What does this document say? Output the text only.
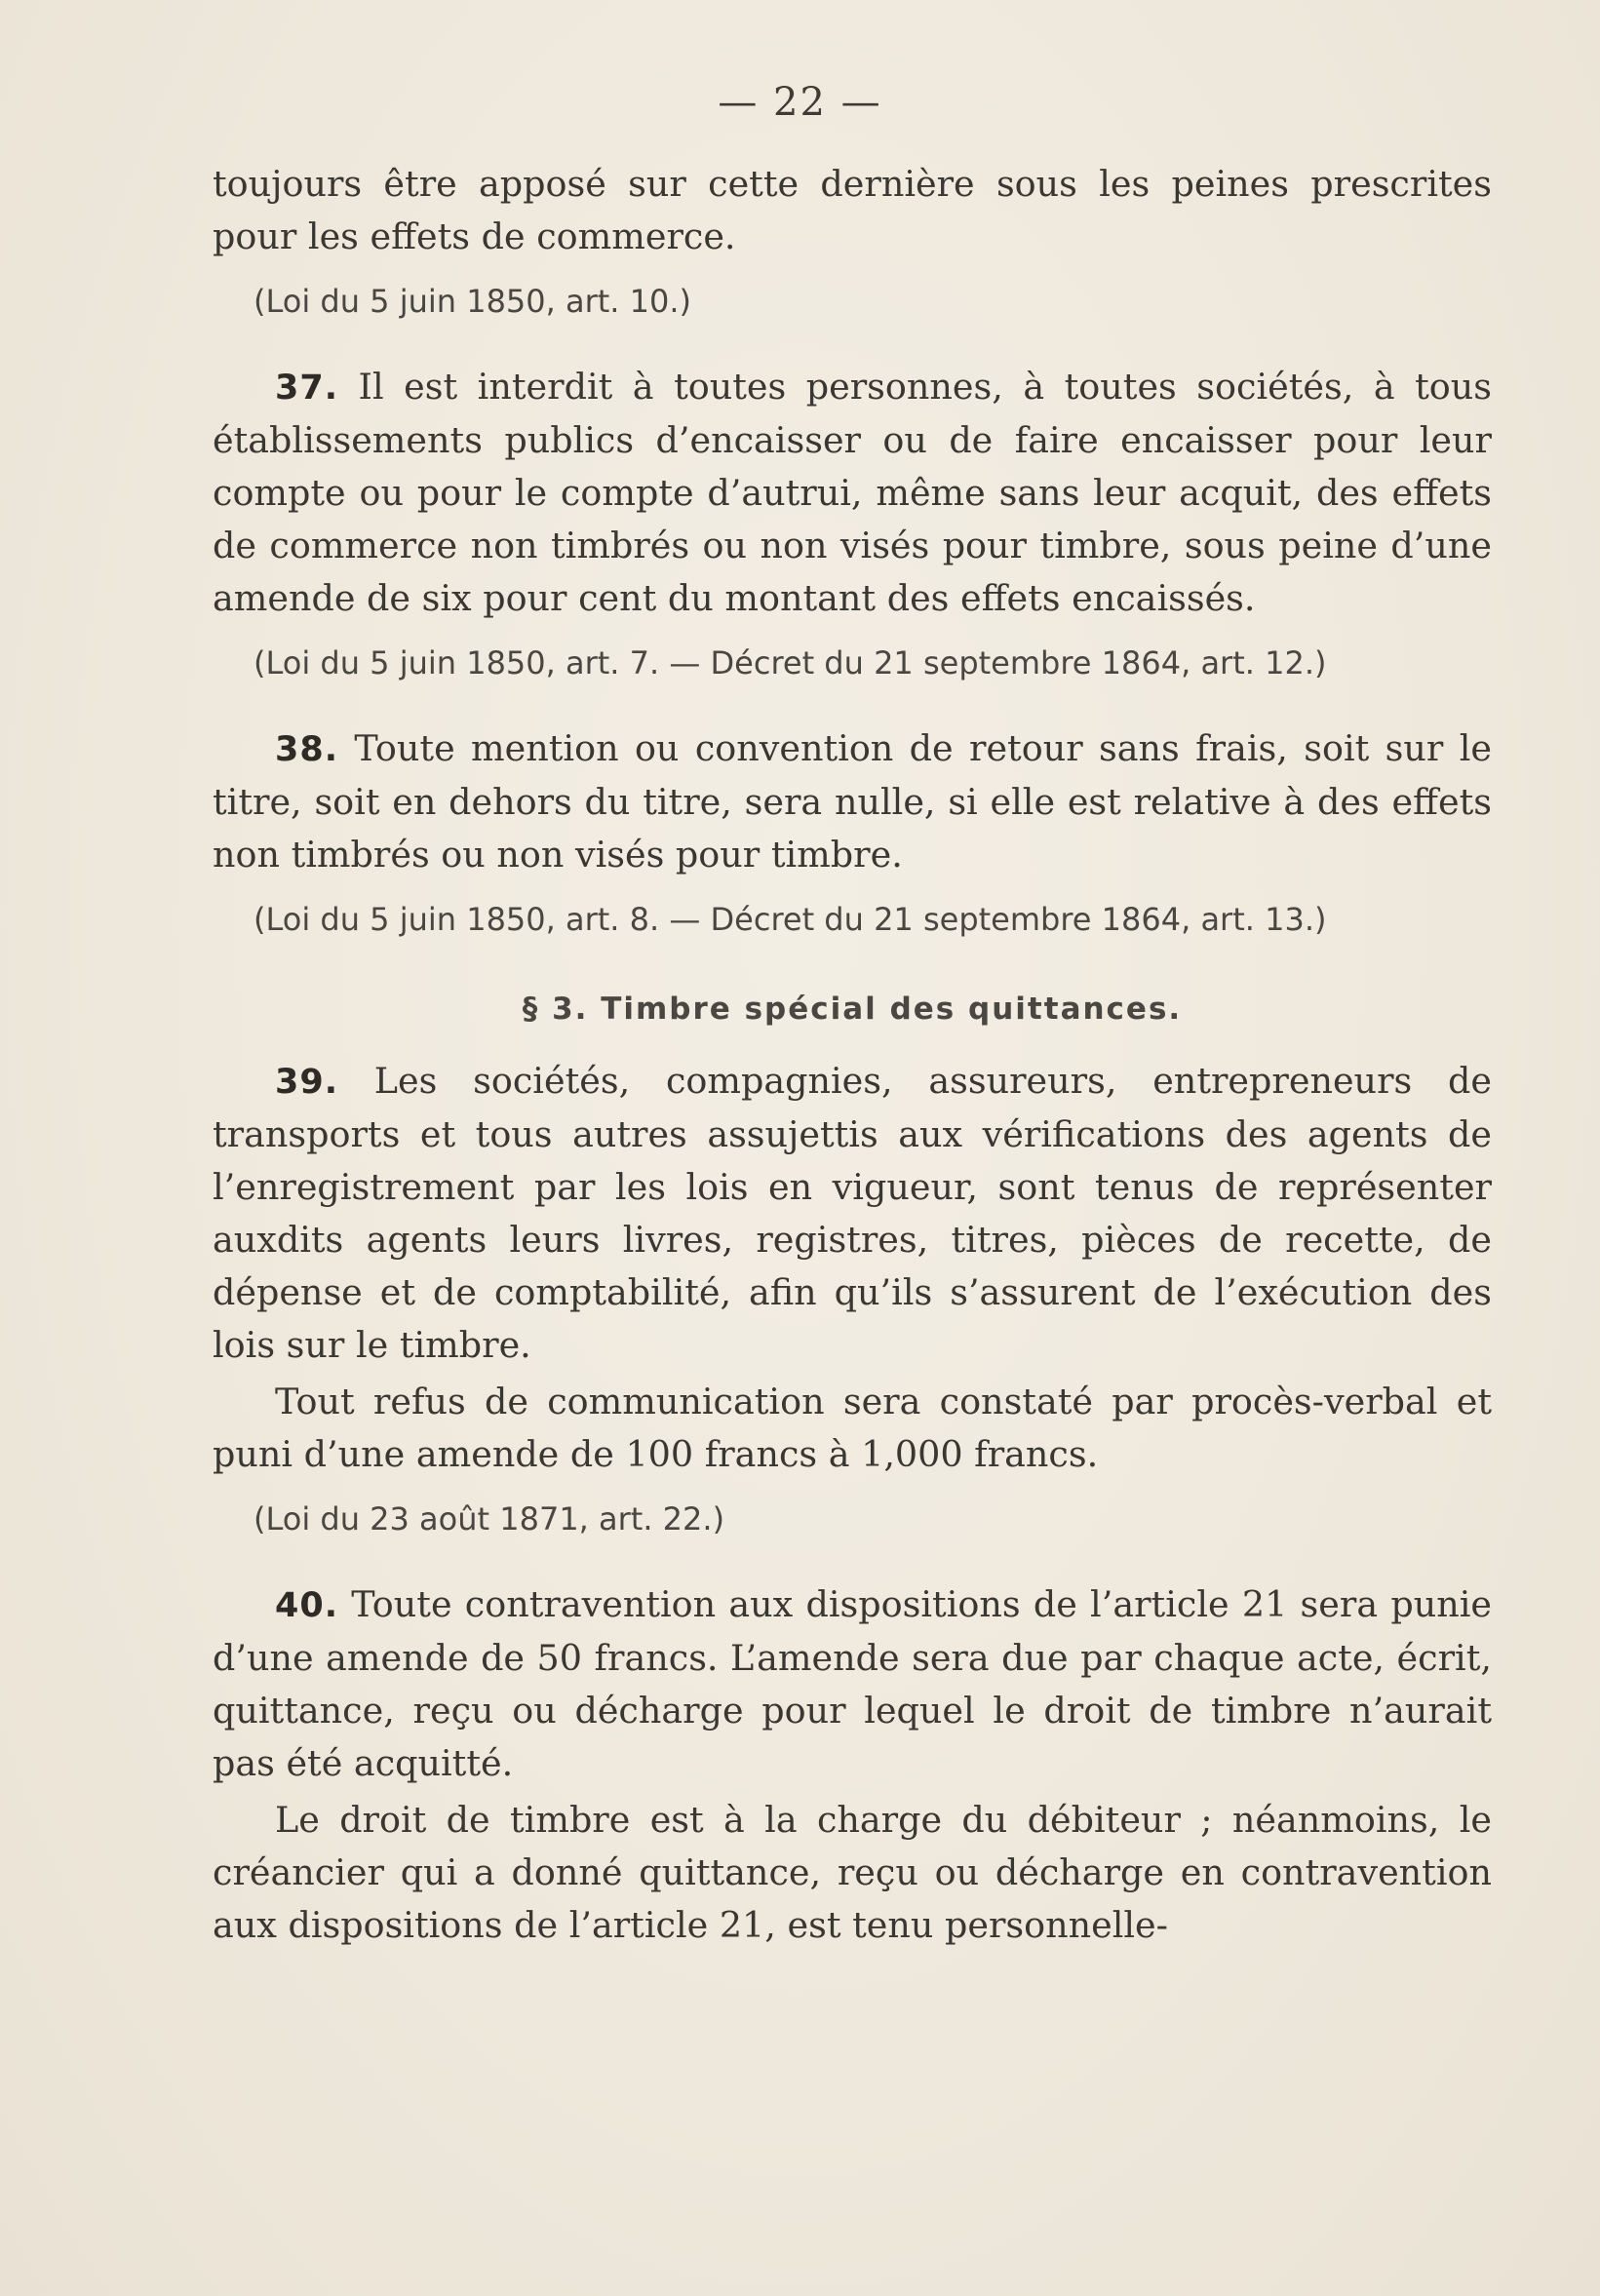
— 22 —

toujours être apposé sur cette dernière sous les peines prescrites pour les effets de commerce.

(Loi du 5 juin 1850, art. 10.)

37. Il est interdit à toutes personnes, à toutes sociétés, à tous établissements publics d’encaisser ou de faire encaisser pour leur compte ou pour le compte d’autrui, même sans leur acquit, des effets de commerce non timbrés ou non visés pour timbre, sous peine d’une amende de six pour cent du montant des effets encaissés.

(Loi du 5 juin 1850, art. 7. — Décret du 21 septembre 1864, art. 12.)

38. Toute mention ou convention de retour sans frais, soit sur le titre, soit en dehors du titre, sera nulle, si elle est relative à des effets non timbrés ou non visés pour timbre.

(Loi du 5 juin 1850, art. 8. — Décret du 21 septembre 1864, art. 13.)
§ 3. Timbre spécial des quittances.

39. Les sociétés, compagnies, assureurs, entrepreneurs de transports et tous autres assujettis aux vérifications des agents de l’enregistrement par les lois en vigueur, sont tenus de représenter auxdits agents leurs livres, registres, titres, pièces de recette, de dépense et de comptabilité, afin qu’ils s’assurent de l’exécution des lois sur le timbre.

Tout refus de communication sera constaté par procès-verbal et puni d’une amende de 100 francs à 1,000 francs.

(Loi du 23 août 1871, art. 22.)

40. Toute contravention aux dispositions de l’article 21 sera punie d’une amende de 50 francs. L’amende sera due par chaque acte, écrit, quittance, reçu ou décharge pour lequel le droit de timbre n’aurait pas été acquitté.

Le droit de timbre est à la charge du débiteur ; néanmoins, le créancier qui a donné quittance, reçu ou décharge en contravention aux dispositions de l’article 21, est tenu personnelle-
